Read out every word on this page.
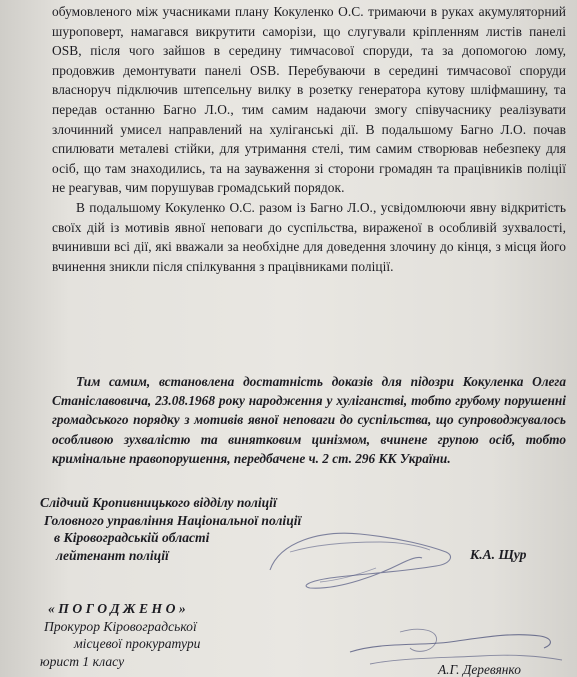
обумовленого між учасниками плану Кокуленко О.С. тримаючи в руках акумуляторний шуроповерт, намагався викрутити саморізи, що слугували кріпленням листів панелі OSB, після чого зайшов в середину тимчасової споруди, та за допомогою лому, продовжив демонтувати панелі OSB. Перебуваючи в середині тимчасової споруди власноруч підключив штепсельну вилку в розетку генератора кутову шліфмашину, та передав останню Багно Л.О., тим самим надаючи змогу співучаснику реалізувати злочинний умисел направлений на хуліганські дії. В подальшому Багно Л.О. почав спилювати металеві стійки, для утримання стелі, тим самим створював небезпеку для осіб, що там знаходились, та на зауваження зі сторони громадян та працівників поліції не реагував, чим порушував громадський порядок.

В подальшому Кокуленко О.С. разом із Багно Л.О., усвідомлюючи явну відкритість своїх дій із мотивів явної неповаги до суспільства, вираженої в особливій зухвалості, вчинивши всі дії, які вважали за необхідне для доведення злочину до кінця, з місця його вчинення зникли після спілкування з працівниками поліції.

Тим самим, встановлена достатність доказів для підозри Кокуленка Олега Станіславовича, 23.08.1968 року народження у хуліганстві, тобто грубому порушенні громадського порядку з мотивів явної неповаги до суспільства, що супроводжувалось особливою зухвалістю та винятковим цинізмом, вчинене групою осіб, тобто кримінальне правопорушення, передбачене ч. 2 ст. 296 КК України.
Слідчий Кропивницького відділу поліції
Головного управління Національної поліції
в Кіровоградській області
лейтенант поліції	К.А. Щур
«ПОГОДЖЕНО»
Прокурор Кіровоградської
місцевої прокуратури
юрист 1 класу
А.Г. Деревянко
